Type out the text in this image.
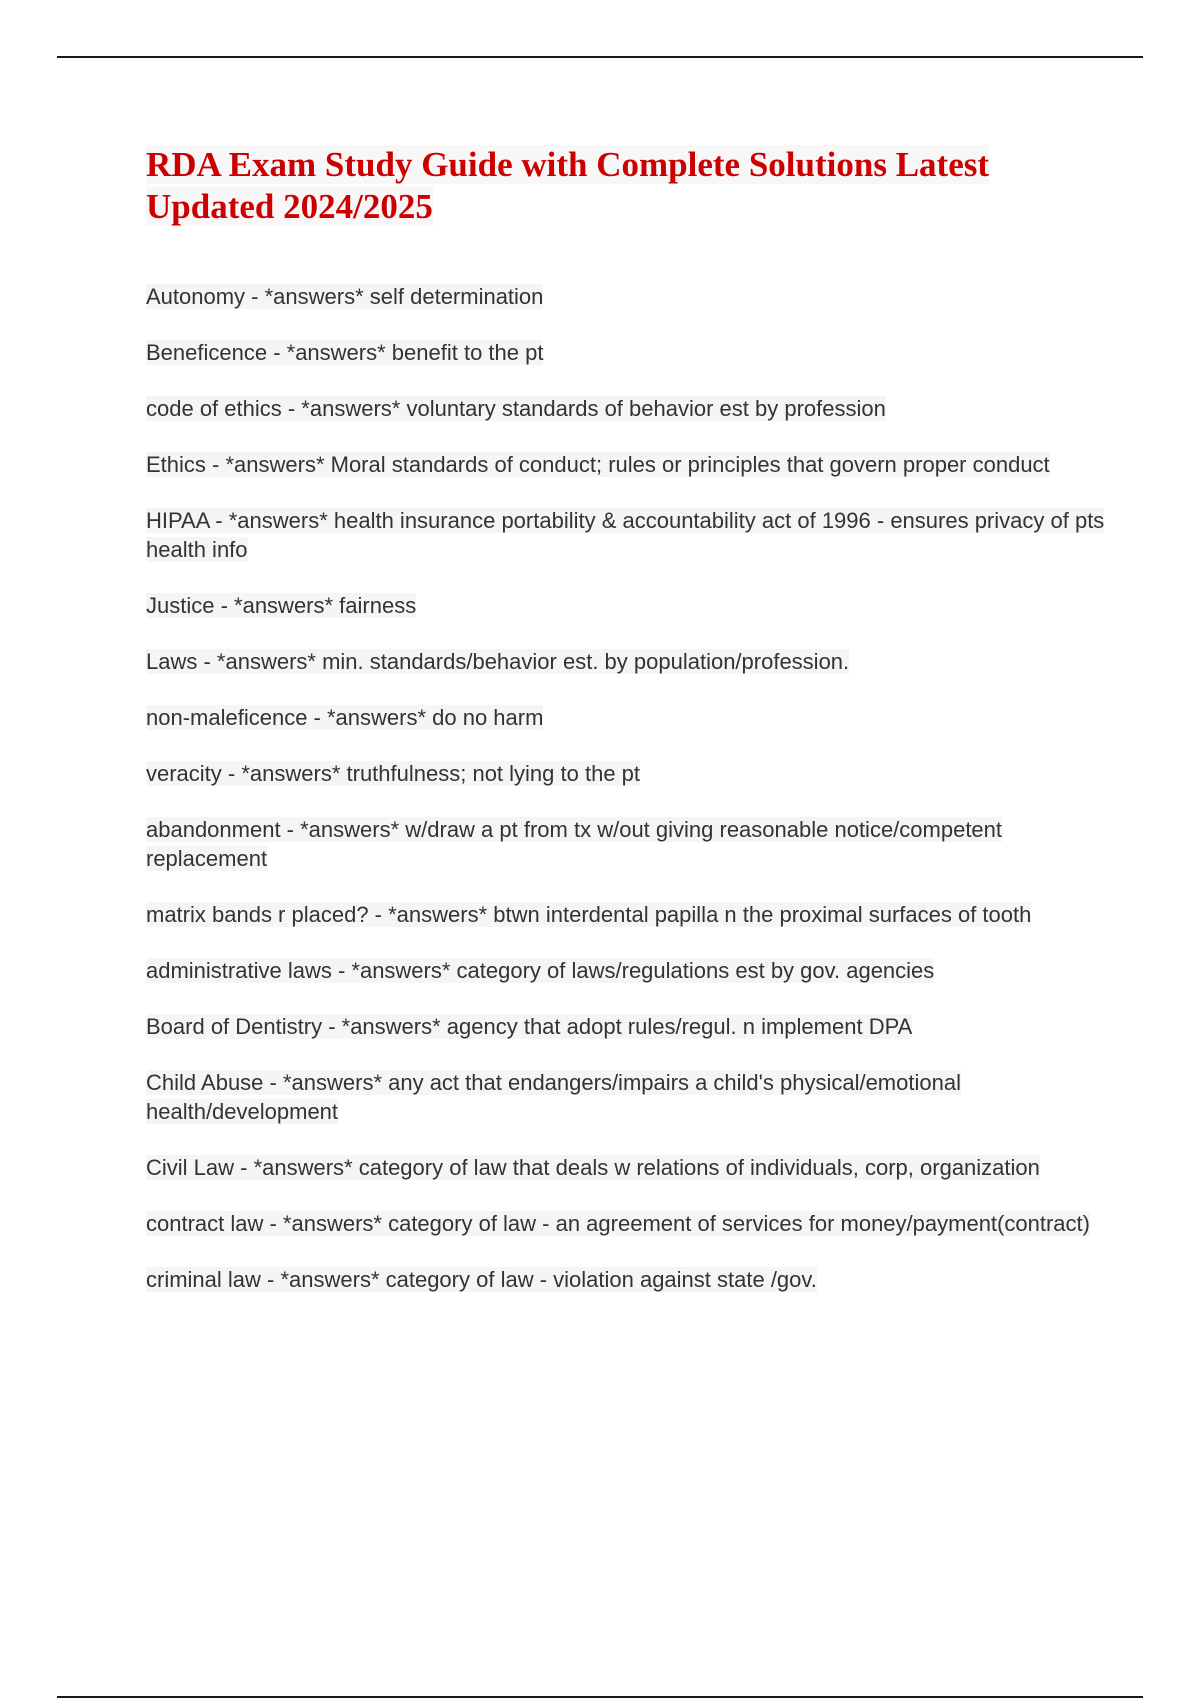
RDA Exam Study Guide with Complete Solutions Latest Updated 2024/2025
Autonomy - *answers* self determination
Beneficence - *answers* benefit to the pt
code of ethics - *answers* voluntary standards of behavior est by profession
Ethics - *answers* Moral standards of conduct; rules or principles that govern proper conduct
HIPAA - *answers* health insurance portability & accountability act of 1996 - ensures privacy of pts health info
Justice - *answers* fairness
Laws - *answers* min. standards/behavior est. by population/profession.
non-maleficence - *answers* do no harm
veracity - *answers* truthfulness; not lying to the pt
abandonment - *answers* w/draw a pt from tx w/out giving reasonable notice/competent replacement
matrix bands r placed? - *answers* btwn interdental papilla n the proximal surfaces of tooth
administrative laws - *answers* category of laws/regulations est by gov. agencies
Board of Dentistry - *answers* agency that adopt rules/regul. n implement DPA
Child Abuse - *answers* any act that endangers/impairs a child's physical/emotional health/development
Civil Law - *answers* category of law that deals w relations of individuals, corp, organization
contract law - *answers* category of law - an agreement of services for money/payment(contract)
criminal law - *answers* category of law - violation against state /gov.
